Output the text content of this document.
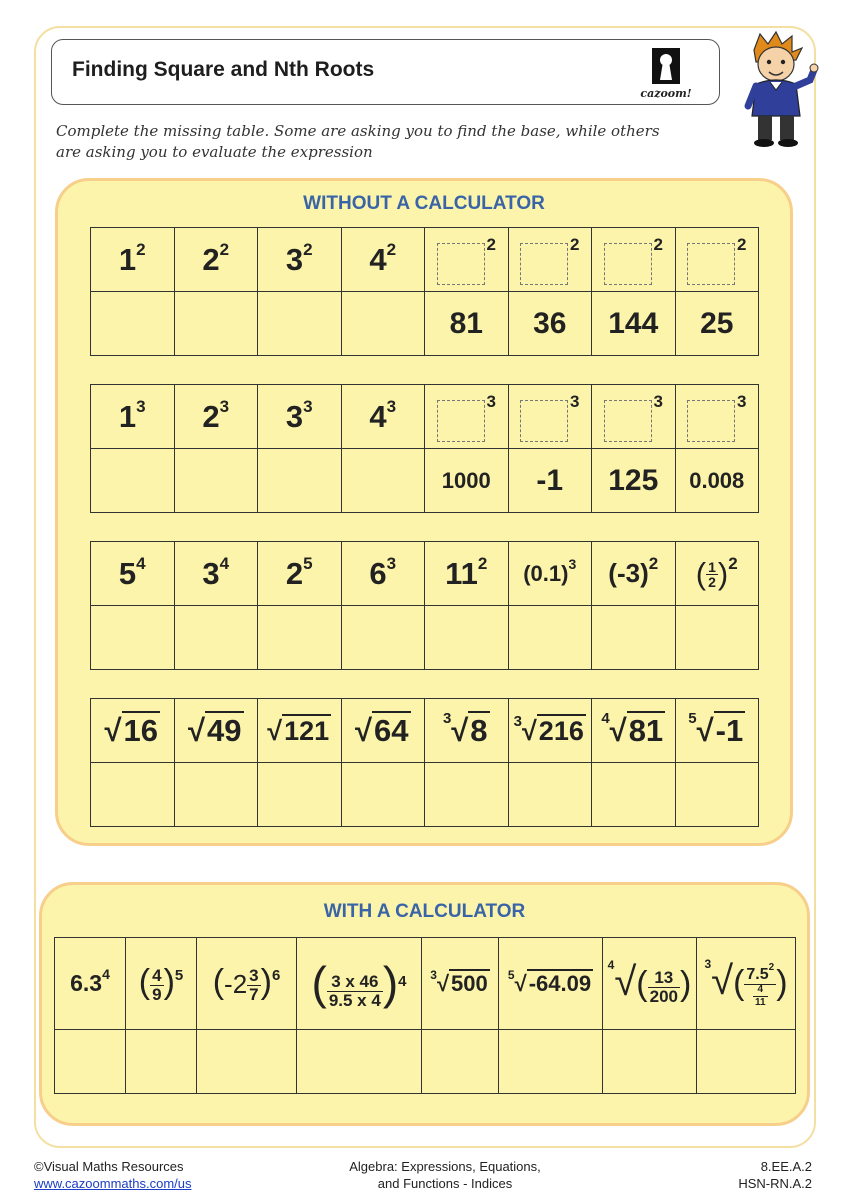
Finding Square and Nth Roots
cazoom!
Complete the missing table. Some are asking you to find the base, while others
are asking you to evaluate the expression
WITHOUT A CALCULATOR
$1^2$	$2^2$	$3^2$	$4^2$	2	2	2	2
				81	36	144	25
$1^3$	$2^3$	$3^3$	$4^3$	3	3	3	3
				1000	-1	125	0.008
$5^4$	$3^4$	$2^5$	$6^3$	$11^2$	$(0.1)^3$	$(-3)^2$	( $\frac{1}{2} )^2$

√16	√49	√121	√64	$^3$√8	$^3$√216	$^4$√81	$^5$√-1

WITH A CALCULATOR
$6.3^4$	( $\frac{4}{9} )^5$	$(-2 \frac{3}{7} )^6$	( $\frac{3 x 46}{9.5 x 4} )^4$	$^3$√500	$^5$√-64.09	$^4√( \frac{13}{200}$ )	$^3√( \frac{7.5^2}{\frac{4}{11}}$ )

©Visual Maths Resources
www.cazoommaths.com/us
Algebra: Expressions, Equations,
and Functions - Indices
8.EE.A.2
HSN-RN.A.2
